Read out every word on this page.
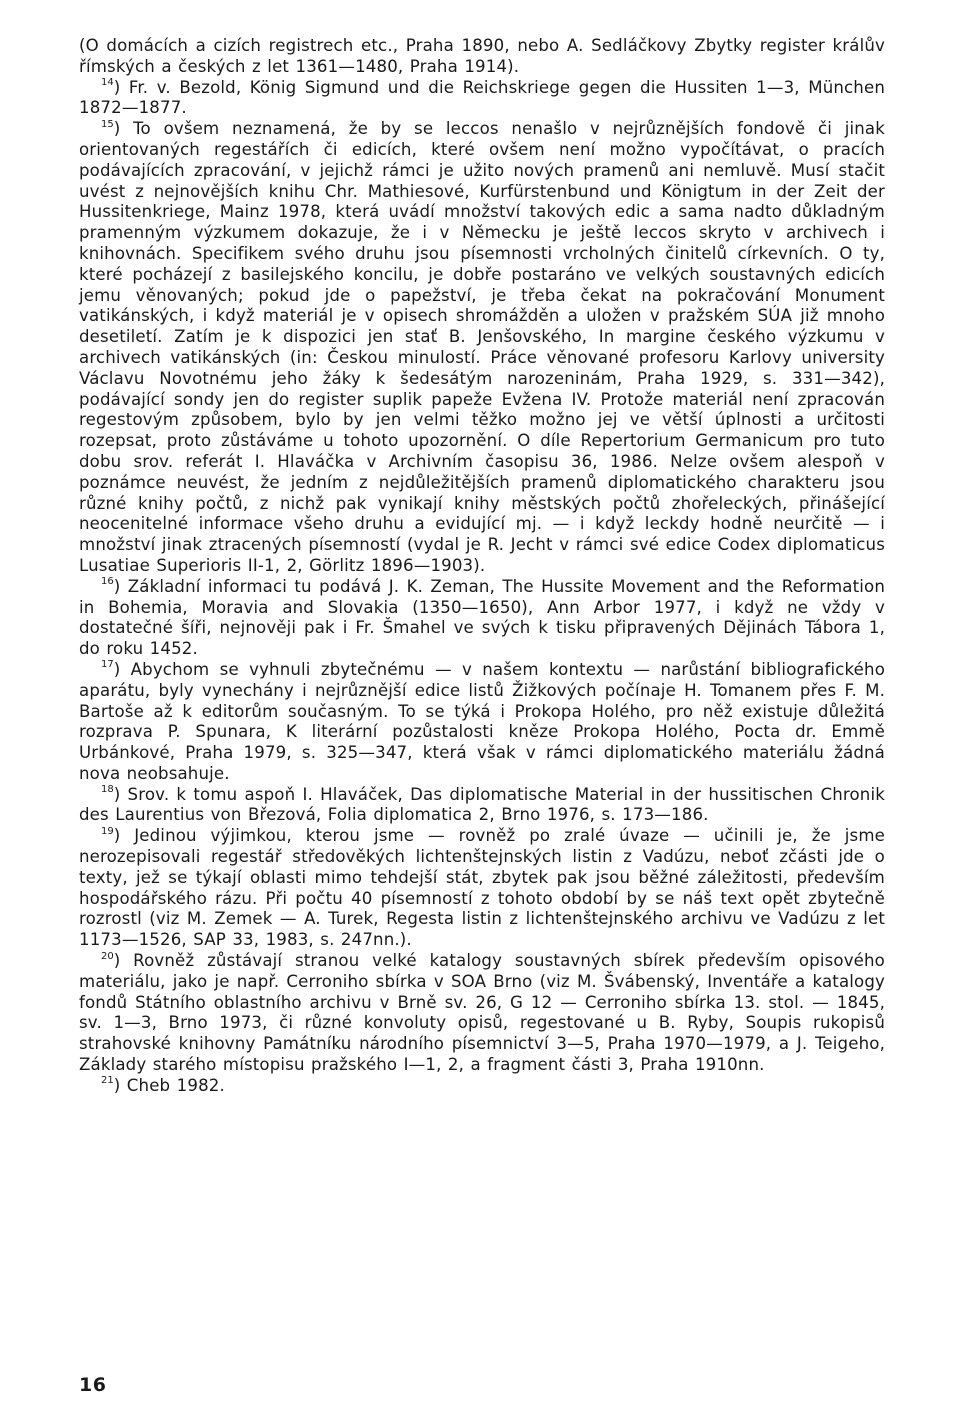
(O domácích a cizích registrech etc., Praha 1890, nebo A. Sedláčkovy Zbytky register králův římských a českých z let 1361—1480, Praha 1914).

$^{14}$) Fr. v. Bezold, König Sigmund und die Reichskriege gegen die Hussiten 1—3, München 1872—1877.

$^{15}$) To ovšem neznamená, že by se leccos nenašlo v nejrůznějších fondově či jinak orientovaných regestářích či edicích, které ovšem není možno vypočítávat, o pracích podávajících zpracování, v jejichž rámci je užito nových pramenů ani nemluvě. Musí stačit uvést z nejnovějších knihu Chr. Mathiesové, Kurfürstenbund und Königtum in der Zeit der Hussitenkriege, Mainz 1978, která uvádí množství takových edic a sama nadto důkladným pramenným výzkumem dokazuje, že i v Německu je ještě leccos skryto v archivech i knihovnách. Specifikem svého druhu jsou písemnosti vrcholných činitelů církevních. O ty, které pocházejí z basilejského koncilu, je dobře postaráno ve velkých soustavných edicích jemu věnovaných; pokud jde o papežství, je třeba čekat na pokračování Monument vatikánských, i když materiál je v opisech shromážděn a uložen v pražském SÚA již mnoho desetiletí. Zatím je k dispozici jen stať B. Jenšovského, In margine českého výzkumu v archivech vatikánských (in: Českou minulostí. Práce věnované profesoru Karlovy university Václavu Novotnému jeho žáky k šedesátým narozeninám, Praha 1929, s. 331—342), podávající sondy jen do register suplik papeže Evžena IV. Protože materiál není zpracován regestovým způsobem, bylo by jen velmi těžko možno jej ve větší úplnosti a určitosti rozepsat, proto zůstáváme u tohoto upozornění. O díle Repertorium Germanicum pro tuto dobu srov. referát I. Hlaváčka v Archivním časopisu 36, 1986. Nelze ovšem alespoň v poznámce neuvést, že jedním z nejdůležitějších pramenů diplomatického charakteru jsou různé knihy počtů, z nichž pak vynikají knihy městských počtů zhořeleckých, přinášející neocenitelné informace všeho druhu a evidující mj. — i když leckdy hodně neurčitě — i množství jinak ztracených písemností (vydal je R. Jecht v rámci své edice Codex diplomaticus Lusatiae Superioris II-1, 2, Görlitz 1896—1903).

$^{16}$) Základní informaci tu podává J. K. Zeman, The Hussite Movement and the Reformation in Bohemia, Moravia and Slovakia (1350—1650), Ann Arbor 1977, i když ne vždy v dostatečné šíři, nejnověji pak i Fr. Šmahel ve svých k tisku připravených Dějinách Tábora 1, do roku 1452.

$^{17}$) Abychom se vyhnuli zbytečnému — v našem kontextu — narůstání bibliografického aparátu, byly vynechány i nejrůznější edice listů Žižkových počínaje H. Tomanem přes F. M. Bartoše až k editorům současným. To se týká i Prokopa Holého, pro něž existuje důležitá rozprava P. Spunara, K literární pozůstalosti kněze Prokopa Holého, Pocta dr. Emmě Urbánkové, Praha 1979, s. 325—347, která však v rámci diplomatického materiálu žádná nova neobsahuje.

$^{18}$) Srov. k tomu aspoň I. Hlaváček, Das diplomatische Material in der hussitischen Chronik des Laurentius von Březová, Folia diplomatica 2, Brno 1976, s. 173—186.

$^{19}$) Jedinou výjimkou, kterou jsme — rovněž po zralé úvaze — učinili je, že jsme nerozepisovali regestář středověkých lichtenštejnských listin z Vadúzu, neboť zčásti jde o texty, jež se týkají oblasti mimo tehdejší stát, zbytek pak jsou běžné záležitosti, především hospodářského rázu. Při počtu 40 písemností z tohoto období by se náš text opět zbytečně rozrostl (viz M. Zemek — A. Turek, Regesta listin z lichtenštejnského archivu ve Vadúzu z let 1173—1526, SAP 33, 1983, s. 247nn.).

$^{20}$) Rovněž zůstávají stranou velké katalogy soustavných sbírek především opisového materiálu, jako je např. Cerroniho sbírka v SOA Brno (viz M. Švábenský, Inventáře a katalogy fondů Státního oblastního archivu v Brně sv. 26, G 12 — Cerroniho sbírka 13. stol. — 1845, sv. 1—3, Brno 1973, či různé konvoluty opisů, regestované u B. Ryby, Soupis rukopisů strahovské knihovny Památníku národního písemnictví 3—5, Praha 1970—1979, a J. Teigeho, Základy starého místopisu pražského I—1, 2, a fragment části 3, Praha 1910nn.

$^{21}$) Cheb 1982.

16
